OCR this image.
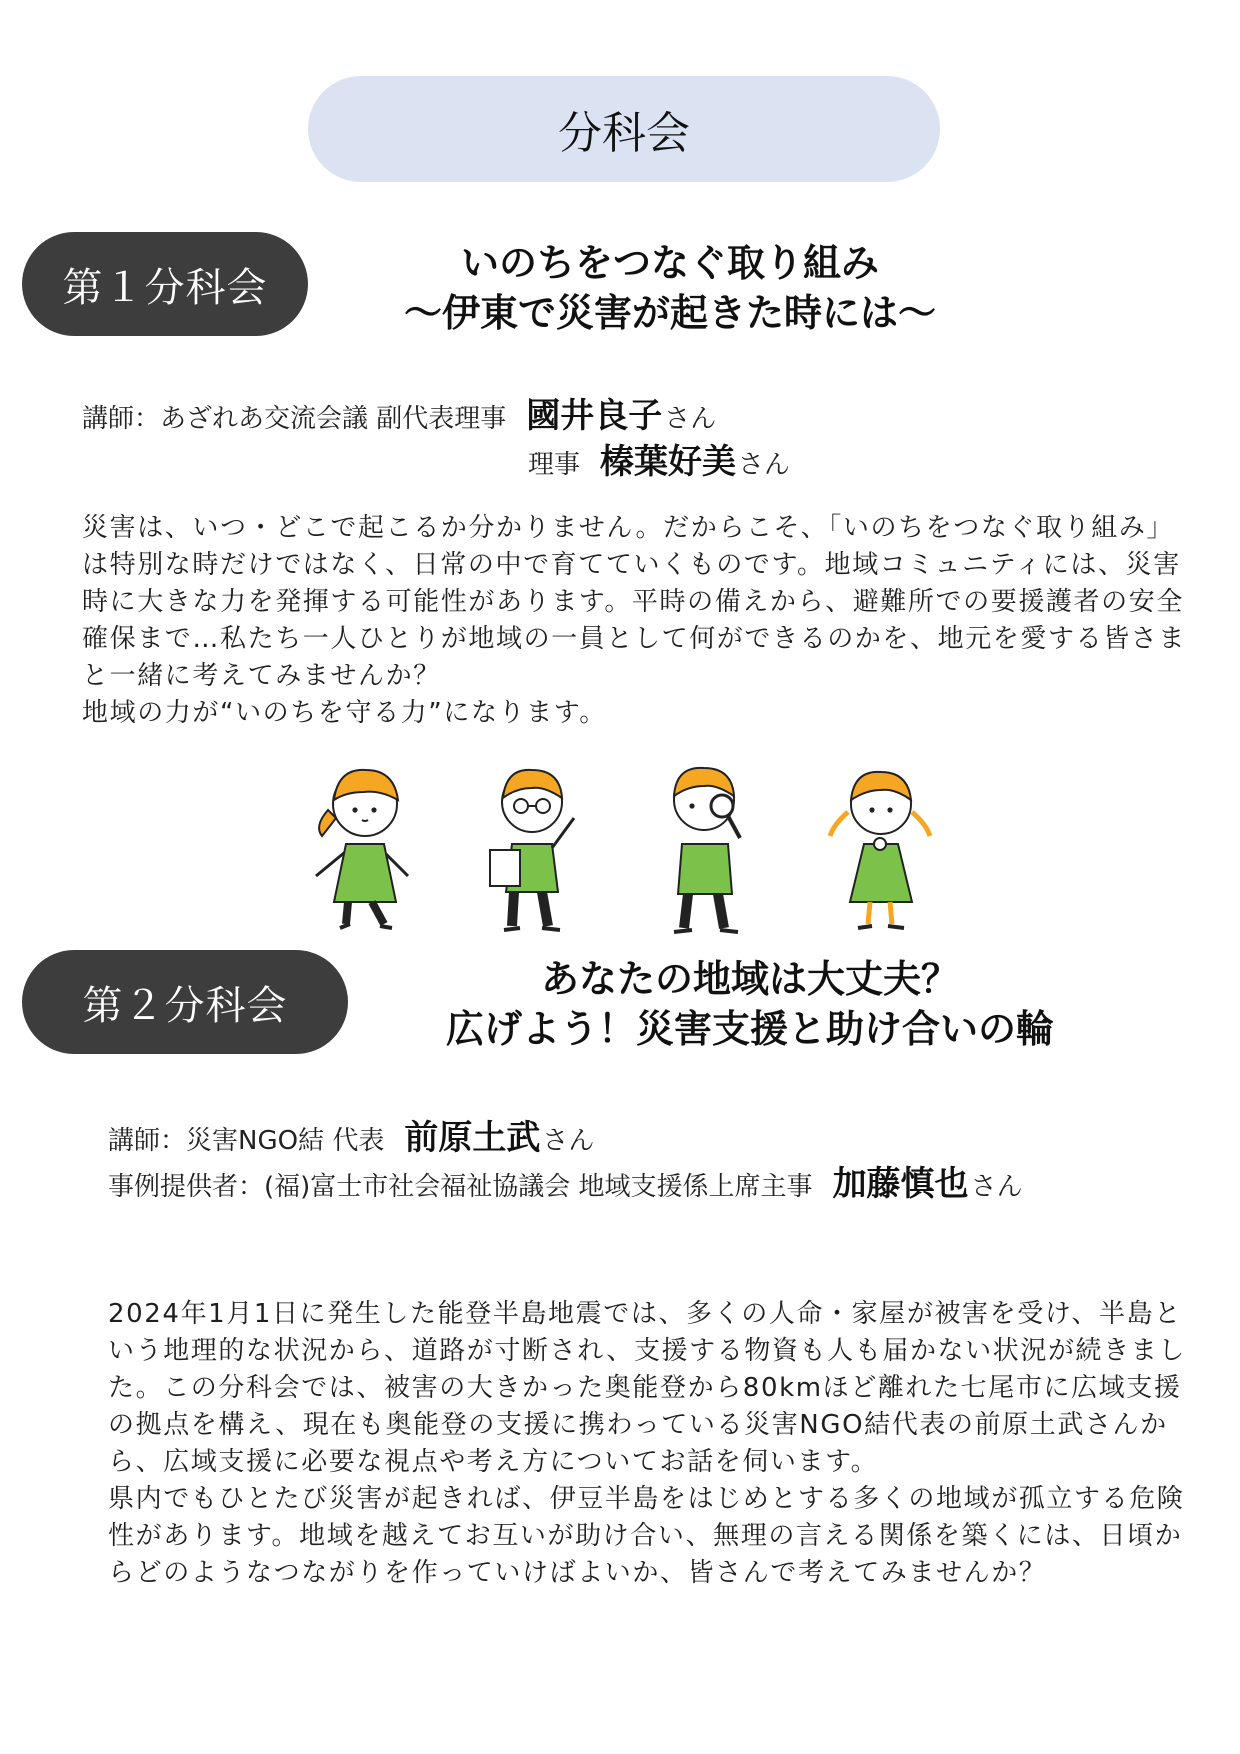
分科会
第１分科会
いのちをつなぐ取り組み
～伊東で災害が起きた時には～
講師：あざれあ交流会議 副代表理事 國井良子 さん
理事 榛葉好美 さん

災害は、いつ・どこで起こるか分かりません。だからこそ、「いのちをつなぐ取り組み」は特別な時だけではなく、日常の中で育てていくものです。地域コミュニティには、災害時に大きな力を発揮する可能性があります。平時の備えから、避難所での要援護者の安全確保まで…私たち一人ひとりが地域の一員として何ができるのかを、地元を愛する皆さまと一緒に考えてみませんか？

地域の力が“いのちを守る力”になります。

第２分科会
あなたの地域は大丈夫？
広げよう！災害支援と助け合いの輪
講師：災害NGO結 代表 前原土武 さん
事例提供者：(福)富士市社会福祉協議会 地域支援係上席主事 加藤慎也 さん

2024年1月1日に発生した能登半島地震では、多くの人命・家屋が被害を受け、半島という地理的な状況から、道路が寸断され、支援する物資も人も届かない状況が続きました。この分科会では、被害の大きかった奥能登から80kmほど離れた七尾市に広域支援の拠点を構え、現在も奥能登の支援に携わっている災害NGO結代表の前原土武さんから、広域支援に必要な視点や考え方についてお話を伺います。

県内でもひとたび災害が起きれば、伊豆半島をはじめとする多くの地域が孤立する危険性があります。地域を越えてお互いが助け合い、無理の言える関係を築くには、日頃からどのようなつながりを作っていけばよいか、皆さんで考えてみませんか？
